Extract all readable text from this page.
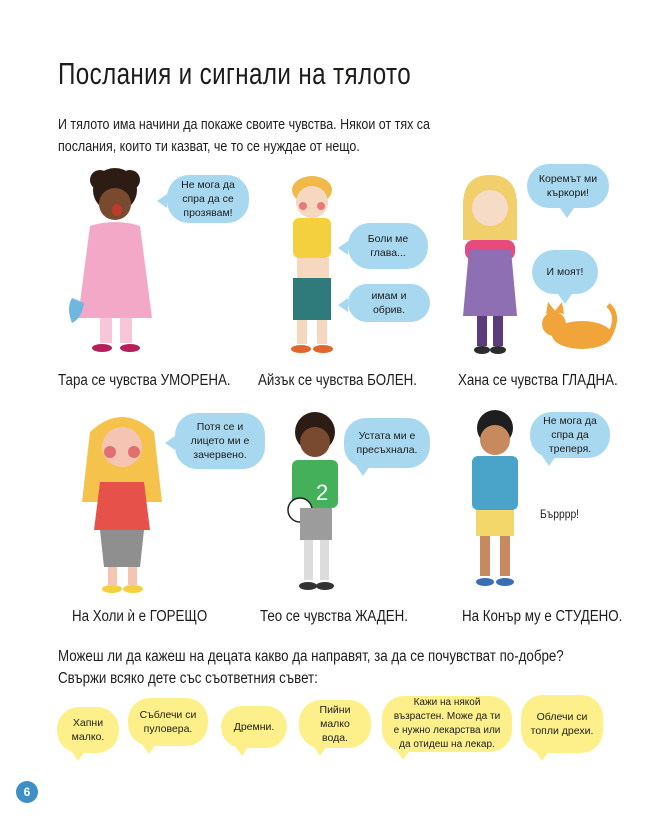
Послания и сигнали на тялото
И тялото има начини да покаже своите чувства. Някои от тях са
послания, които ти казват, че то се нуждае от нещо.
Не мога да спра да се прозявам!
Боли ме глава...
имам и обрив.
Коремът ми къркори!
И моят!
Тара се чувства УМОРЕНА. Айзък се чувства БОЛЕН.	Хана се чувства ГЛАДНА.
Потя се и лицето ми е зачервено.
2
Устата ми е пресъхнала.
Не мога да спра да треперя.
Бърррр!
На Холи ѝ е ГОРЕЩО	Тео се чувства ЖАДЕН.	На Конър му е СТУДЕНО.
Можеш ли да кажеш на децата какво да направят, за да се почувстват по-добре?
Свържи всяко дете със съответния съвет:
Хапни малко.
Съблечи си пуловера.	Дремни.
Пийни малко вода.
Кажи на някой възрастен. Може да ти е нужно лекарства или да отидеш на лекар.
Облечи си топли дрехи.
6
